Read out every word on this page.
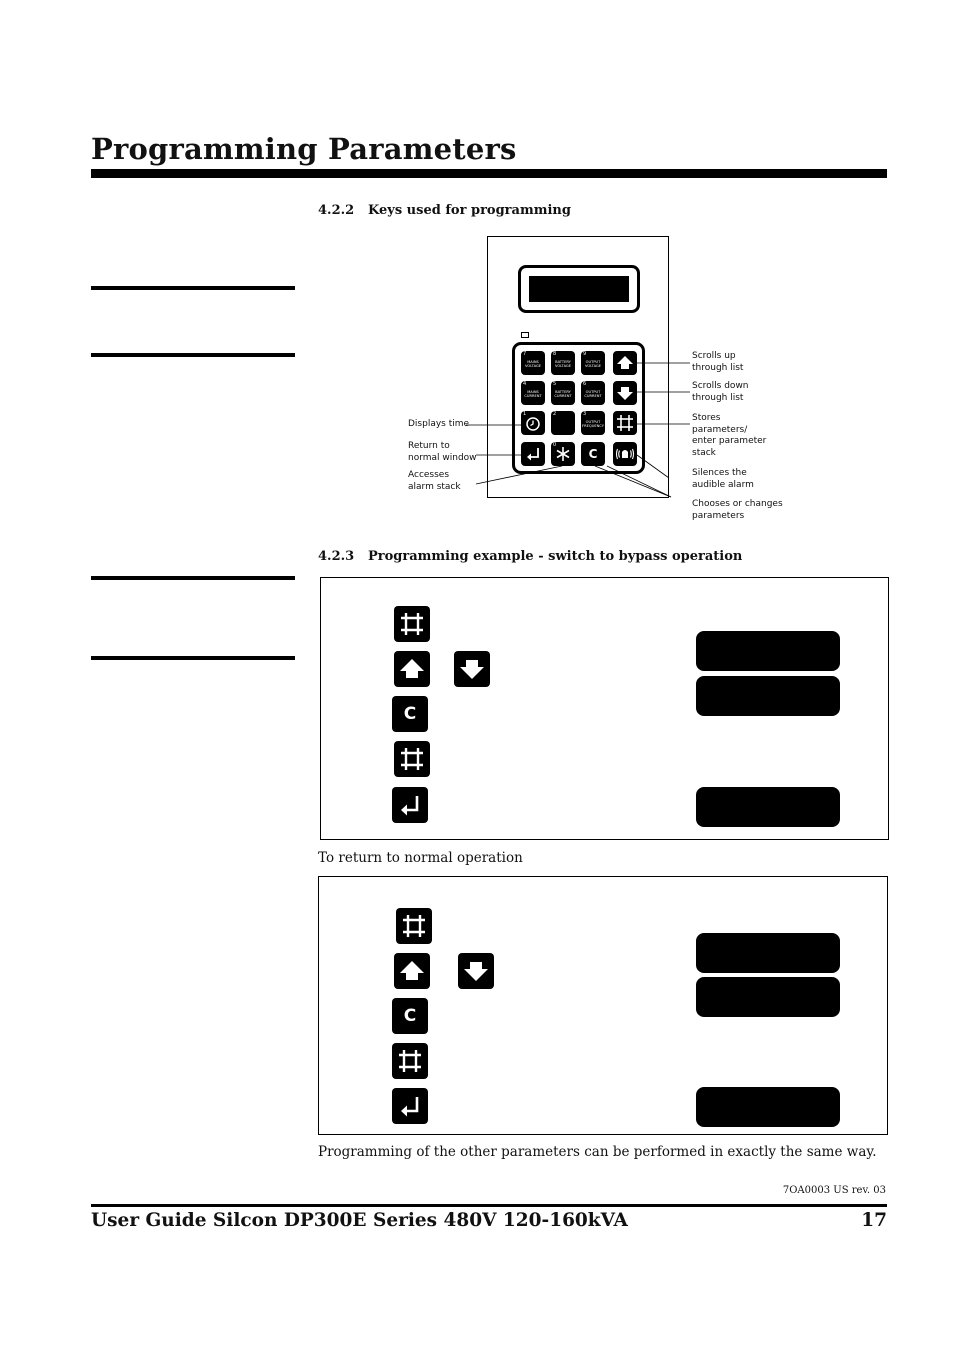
Programming Parameters
4.2.2 Keys used for programming
7
MAINS VOLTAGE
8
BATTERY VOLTAGE
9
OUTPUT VOLTAGE
4
MAINS CURRENT
5
BATTERY CURRENT
6
OUTPUT CURRENT
1	2	3
OUTPUT FREQUENCY
0
C
Scrolls up
through list
Scrolls down
through list
Stores
parameters/
enter parameter
stack
Silences the
audible alarm
Chooses or changes
parameters
Displays time
Return to
normal window
Accesses
alarm stack
4.2.3 Programming example - switch to bypass operation
C
To return to normal operation
C
Programming of the other parameters can be performed in exactly the same way.
7OA0003 US rev. 03
User Guide Silcon DP300E Series 480V 120-160kVA	17
